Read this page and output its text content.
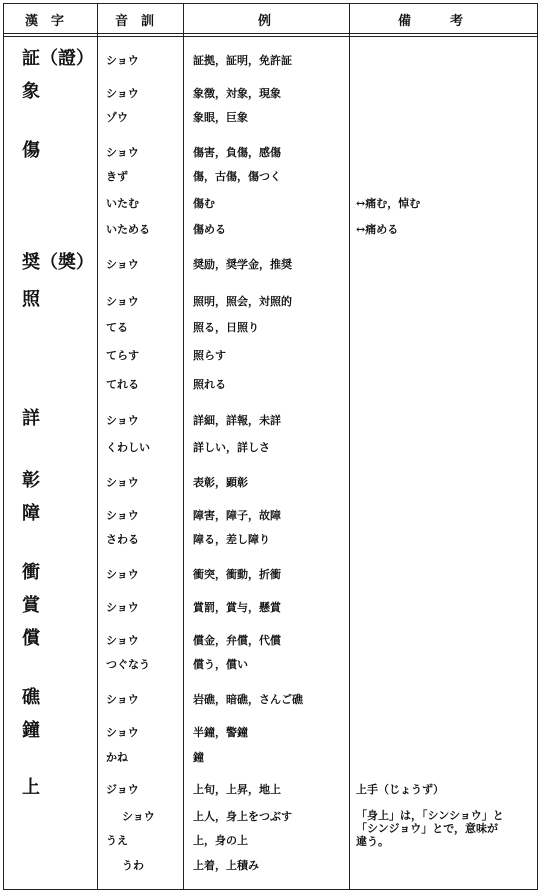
漢　字	音　訓	例	備　　　考
証（證） ショウ	証拠，証明，免許証
象	ショウ	象徴，対象，現象
ゾウ	象眼，巨象
傷	ショウ	傷害，負傷，感傷
きず	傷，古傷，傷つく
いたむ	傷む	↔痛む，悼む
いためる	傷める	↔痛める
奨（奬） ショウ	奨励，奨学金，推奨
照	ショウ	照明，照会，対照的
てる	照る，日照り
てらす	照らす
てれる	照れる
詳	ショウ	詳細，詳報，未詳
くわしい	詳しい，詳しさ
彰	ショウ	表彰，顕彰
障	ショウ	障害，障子，故障
さわる	障る，差し障り
衝	ショウ	衝突，衝動，折衝
賞	ショウ	賞罰，賞与，懸賞
償	ショウ	償金，弁償，代償
つぐなう	償う，償い
礁	ショウ	岩礁，暗礁，さんご礁
鐘	ショウ	半鐘，警鐘
かね	鐘
上	ジョウ	上旬，上昇，地上	上手（じょうず）
ショウ	上人，身上をつぶす
うえ	上，身の上
うわ	上着，上積み
「身上」は，「シンショウ」と
「シンジョウ」とで，意味が
違う。
